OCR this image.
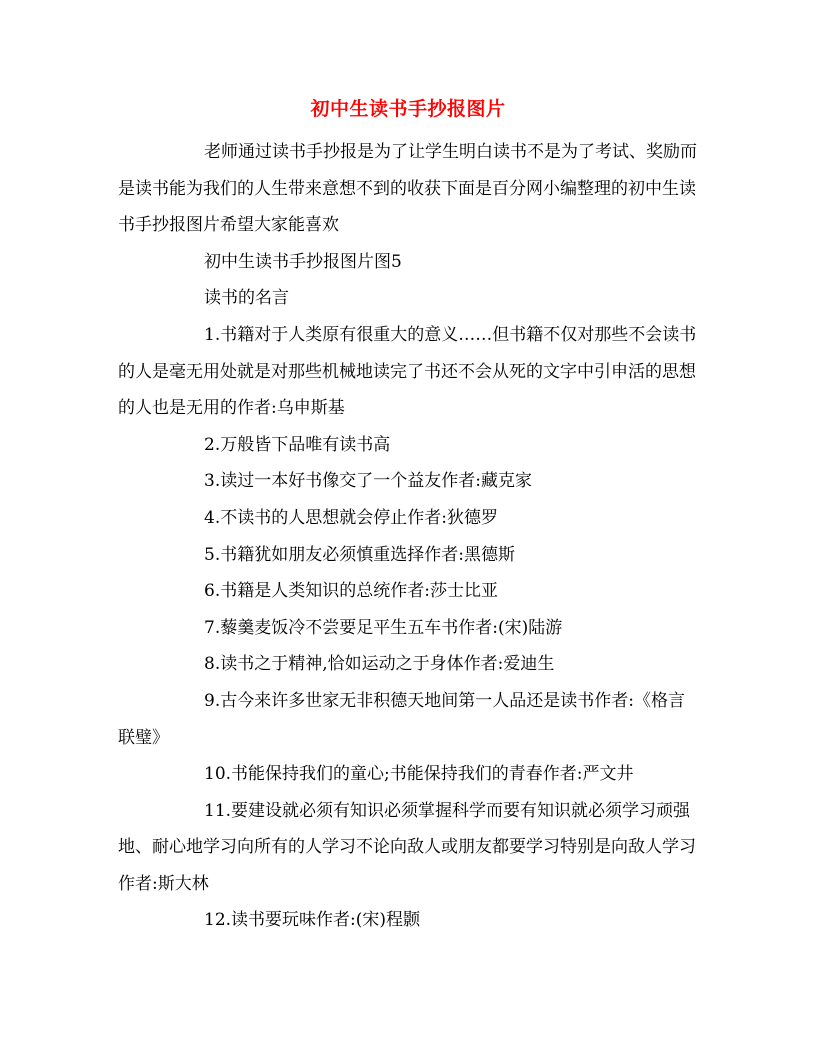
初中生读书手抄报图片

老师通过读书手抄报是为了让学生明白读书不是为了考试、奖励而是读书能为我们的人生带来意想不到的收获下面是百分网小编整理的初中生读书手抄报图片希望大家能喜欢

初中生读书手抄报图片图5

读书的名言

1.书籍对于人类原有很重大的意义……但书籍不仅对那些不会读书的人是毫无用处就是对那些机械地读完了书还不会从死的文字中引申活的思想的人也是无用的作者:乌申斯基

2.万般皆下品唯有读书高

3.读过一本好书像交了一个益友作者:藏克家

4.不读书的人思想就会停止作者:狄德罗

5.书籍犹如朋友必须慎重选择作者:黑德斯

6.书籍是人类知识的总统作者:莎士比亚

7.藜羹麦饭冷不尝要足平生五车书作者:(宋)陆游

8.读书之于精神,恰如运动之于身体作者:爱迪生

9.古今来许多世家无非积德天地间第一人品还是读书作者:《格言联璧》

10.书能保持我们的童心;书能保持我们的青春作者:严文井

11.要建设就必须有知识必须掌握科学而要有知识就必须学习顽强地、耐心地学习向所有的人学习不论向敌人或朋友都要学习特别是向敌人学习作者:斯大林

12.读书要玩味作者:(宋)程颢
